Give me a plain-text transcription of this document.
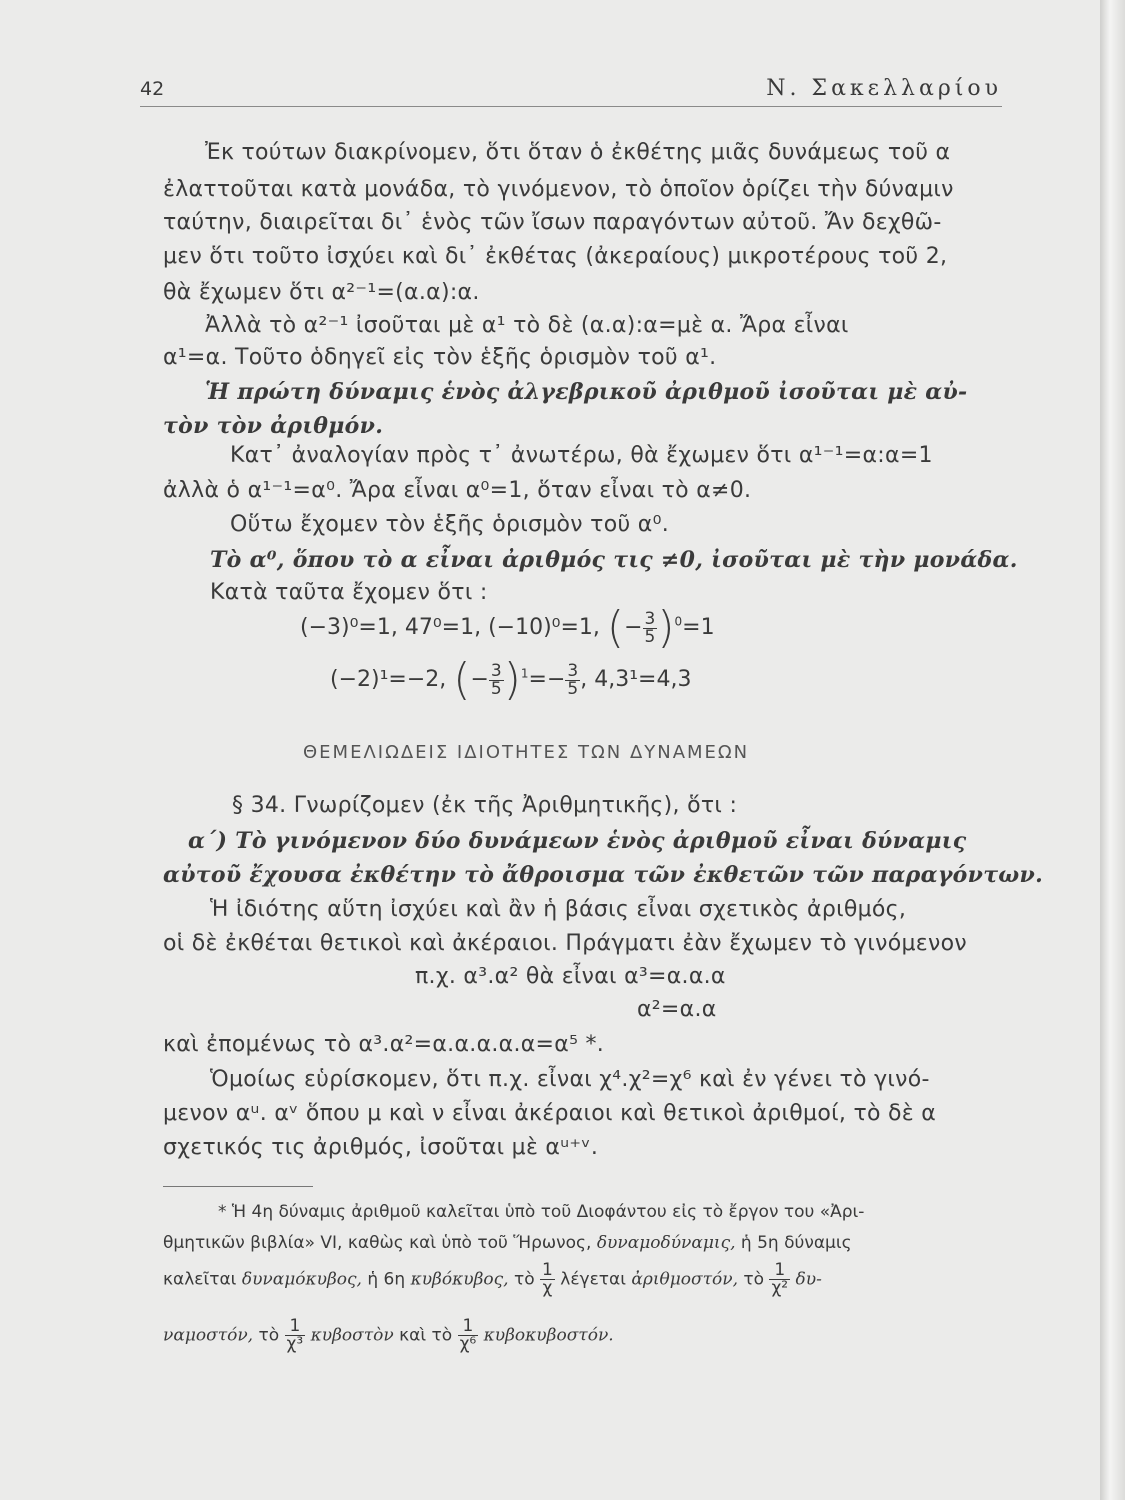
42	Ν. Σακελλαρίου
Ἐκ τούτων διακρίνομεν, ὅτι ὅταν ὁ ἐκθέτης μιᾶς δυνάμεως τοῦ α
ἐλαττοῦται κατὰ μονάδα, τὸ γινόμενον, τὸ ὁποῖον ὁρίζει τὴν δύναμιν
ταύτην, διαιρεῖται δι᾽ ἑνὸς τῶν ἴσων παραγόντων αὐτοῦ. Ἄν δεχθῶ-
μεν ὅτι τοῦτο ἰσχύει καὶ δι᾽ ἐκθέτας (ἀκεραίους) μικροτέρους τοῦ 2,
θὰ ἔχωμεν ὅτι α²⁻¹=(α.α):α.
Ἀλλὰ τὸ α²⁻¹ ἰσοῦται μὲ α¹ τὸ δὲ (α.α):α=μὲ α. Ἄρα εἶναι
α¹=α. Τοῦτο ὁδηγεῖ εἰς τὸν ἑξῆς ὁρισμὸν τοῦ α¹.
Ἡ πρώτη δύναμις ἑνὸς ἀλγεβρικοῦ ἀριθμοῦ ἰσοῦται μὲ αὐ-
τὸν τὸν ἀριθμόν.
Κατ᾽ ἀναλογίαν πρὸς τ᾽ ἀνωτέρω, θὰ ἔχωμεν ὅτι α¹⁻¹=α:α=1
ἀλλὰ ὁ α¹⁻¹=α⁰. Ἄρα εἶναι α⁰=1, ὅταν εἶναι τὸ α≠0.
Οὕτω ἔχομεν τὸν ἑξῆς ὁρισμὸν τοῦ α⁰.
Τὸ α⁰, ὅπου τὸ α εἶναι ἀριθμός τις ≠0, ἰσοῦται μὲ τὴν μονάδα.
Κατὰ ταῦτα ἔχομεν ὅτι :
(−3)⁰=1, 47⁰=1, (−10)⁰=1, (− $\frac{3}{5} )^0=1$
(−2)¹=−2, (− $\frac{3}{5} )^1=- \frac{3}{5}$ , 4,3¹=4,3
ΘΕΜΕΛΙΩΔΕΙΣ ΙΔΙΟΤΗΤΕΣ ΤΩΝ ΔΥΝΑΜΕΩΝ
§ 34. Γνωρίζομεν (ἐκ τῆς Ἀριθμητικῆς), ὅτι :
α΄) Τὸ γινόμενον δύο δυνάμεων ἑνὸς ἀριθμοῦ εἶναι δύναμις
αὐτοῦ ἔχουσα ἐκθέτην τὸ ἄθροισμα τῶν ἐκθετῶν τῶν παραγόντων.
Ἡ ἰδιότης αὕτη ἰσχύει καὶ ἂν ἡ βάσις εἶναι σχετικὸς ἀριθμός,
οἱ δὲ ἐκθέται θετικοὶ καὶ ἀκέραιοι. Πράγματι ἐὰν ἔχωμεν τὸ γινόμενον
π.χ. α³.α² θὰ εἶναι α³=α.α.α
α²=α.α
καὶ ἐπομένως τὸ α³.α²=α.α.α.α.α=α⁵ *.
Ὁμοίως εὑρίσκομεν, ὅτι π.χ. εἶναι χ⁴.χ²=χ⁶ καὶ ἐν γένει τὸ γινό-
μενον αᵘ. αᵛ ὅπου μ καὶ ν εἶναι ἀκέραιοι καὶ θετικοὶ ἀριθμοί, τὸ δὲ α
σχετικός τις ἀριθμός, ἰσοῦται μὲ αᵘ⁺ᵛ.
* Ἡ 4η δύναμις ἀριθμοῦ καλεῖται ὑπὸ τοῦ Διοφάντου εἰς τὸ ἔργον του «Ἀρι-
θμητικῶν βιβλία» VI, καθὼς καὶ ὑπὸ τοῦ Ἥρωνος, δυναμοδύναμις, ἡ 5η δύναμις
καλεῖται δυναμόκυβος, ἡ 6η κυβόκυβος, τὸ $\frac{1}{\chi}$ λέγεται ἀριθμοστόν, τὸ $\frac{1}{\text{χ²}} \delta\upsilon-$
ναμοστόν, τὸ $\frac{1}{\text{χ³}}$ κυβοστὸν καὶ τὸ $\frac{1}{\text{χ⁶}} \kappa\upsilon\beta o\kappa\upsilon\beta o\sigma\tau ό\nu$.
